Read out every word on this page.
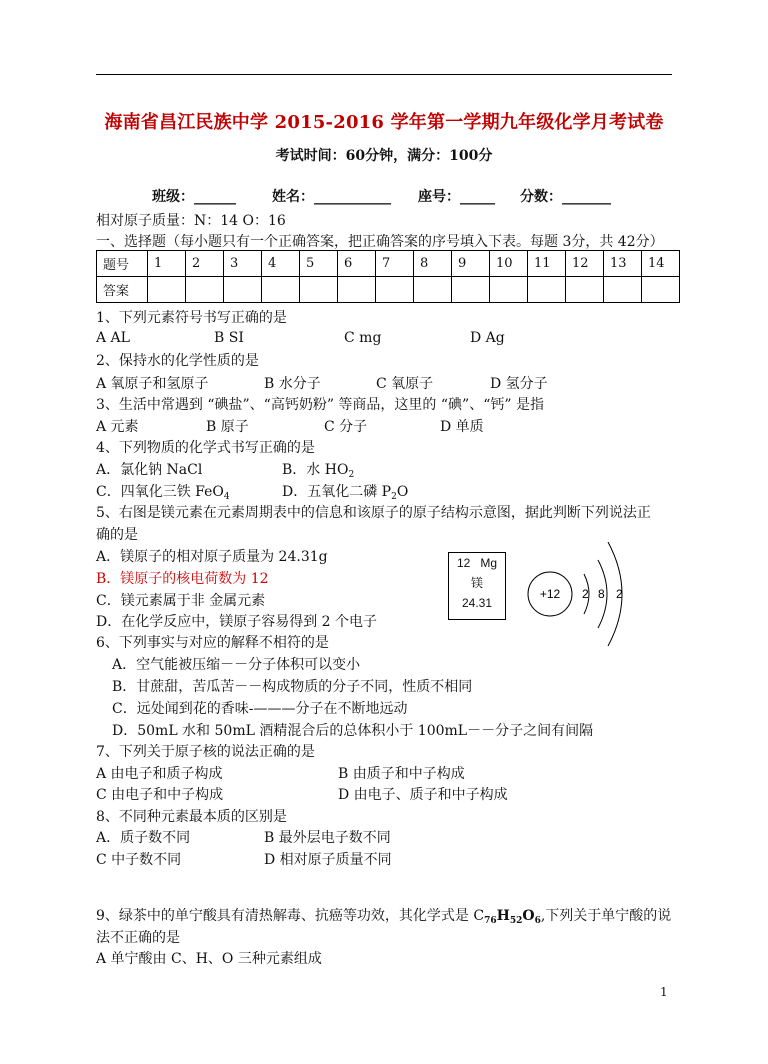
海南省昌江民族中学 2015-2016 学年第一学期九年级化学月考试卷
考试时间：60分钟，满分：100分
班级：______	姓名：___________ 座号：_____ 分数：_______
相对原子质量：N：14 O：16
一、选择题（每小题只有一个正确答案，把正确答案的序号填入下表。每题 3分，共 42分）
题号	1	2	3	4	5	6	7	8	9	10	11	12	13	14
答案														
1、下列元素符号书写正确的是
A AL	B SI	C mg	D Ag
2、保持水的化学性质的是
A 氧原子和氢原子	B 水分子	C 氧原子	D 氢分子
3、生活中常遇到 “碘盐”、“高钙奶粉” 等商品，这里的 “碘”、“钙” 是指
A 元素	B 原子	C 分子	D 单质
4、下列物质的化学式书写正确的是
A．氯化钠 NaCl	B．水 $HO_2$
C．四氧化三铁 FeO$_4$	D．五氧化二磷 $P_2O$
5、右图是镁元素在元素周期表中的信息和该原子的原子结构示意图，据此判断下列说法正
确的是
A．镁原子的相对原子质量为 24.31g
B．镁原子的核电荷数为 12
C．镁元素属于非 金属元素
D．在化学反应中，镁原子容易得到 2 个电子
12 Mg
镁
24.31
+12 2 8 2
6、下列事实与对应的解释不相符的是
A．空气能被压缩－－分子体积可以变小
B．甘蔗甜，苦瓜苦－－构成物质的分子不同，性质不相同
C．远处闻到花的香味-———分子在不断地远动
D．50mL 水和 50mL 酒精混合后的总体积小于 100mL－－分子之间有间隔
7、下列关于原子核的说法正确的是
A 由电子和质子构成	B 由质子和中子构成
C 由电子和中子构成	D 由电子、质子和中子构成
8、不同种元素最本质的区别是
A．质子数不同	B 最外层电子数不同
C 中子数不同	D 相对原子质量不同
9、绿茶中的单宁酸具有清热解毒、抗癌等功效，其化学式是 $C_{76}H_{52}O_6$,下列关于单宁酸的说
法不正确的是
A 单宁酸由 C、H、O 三种元素组成
1
